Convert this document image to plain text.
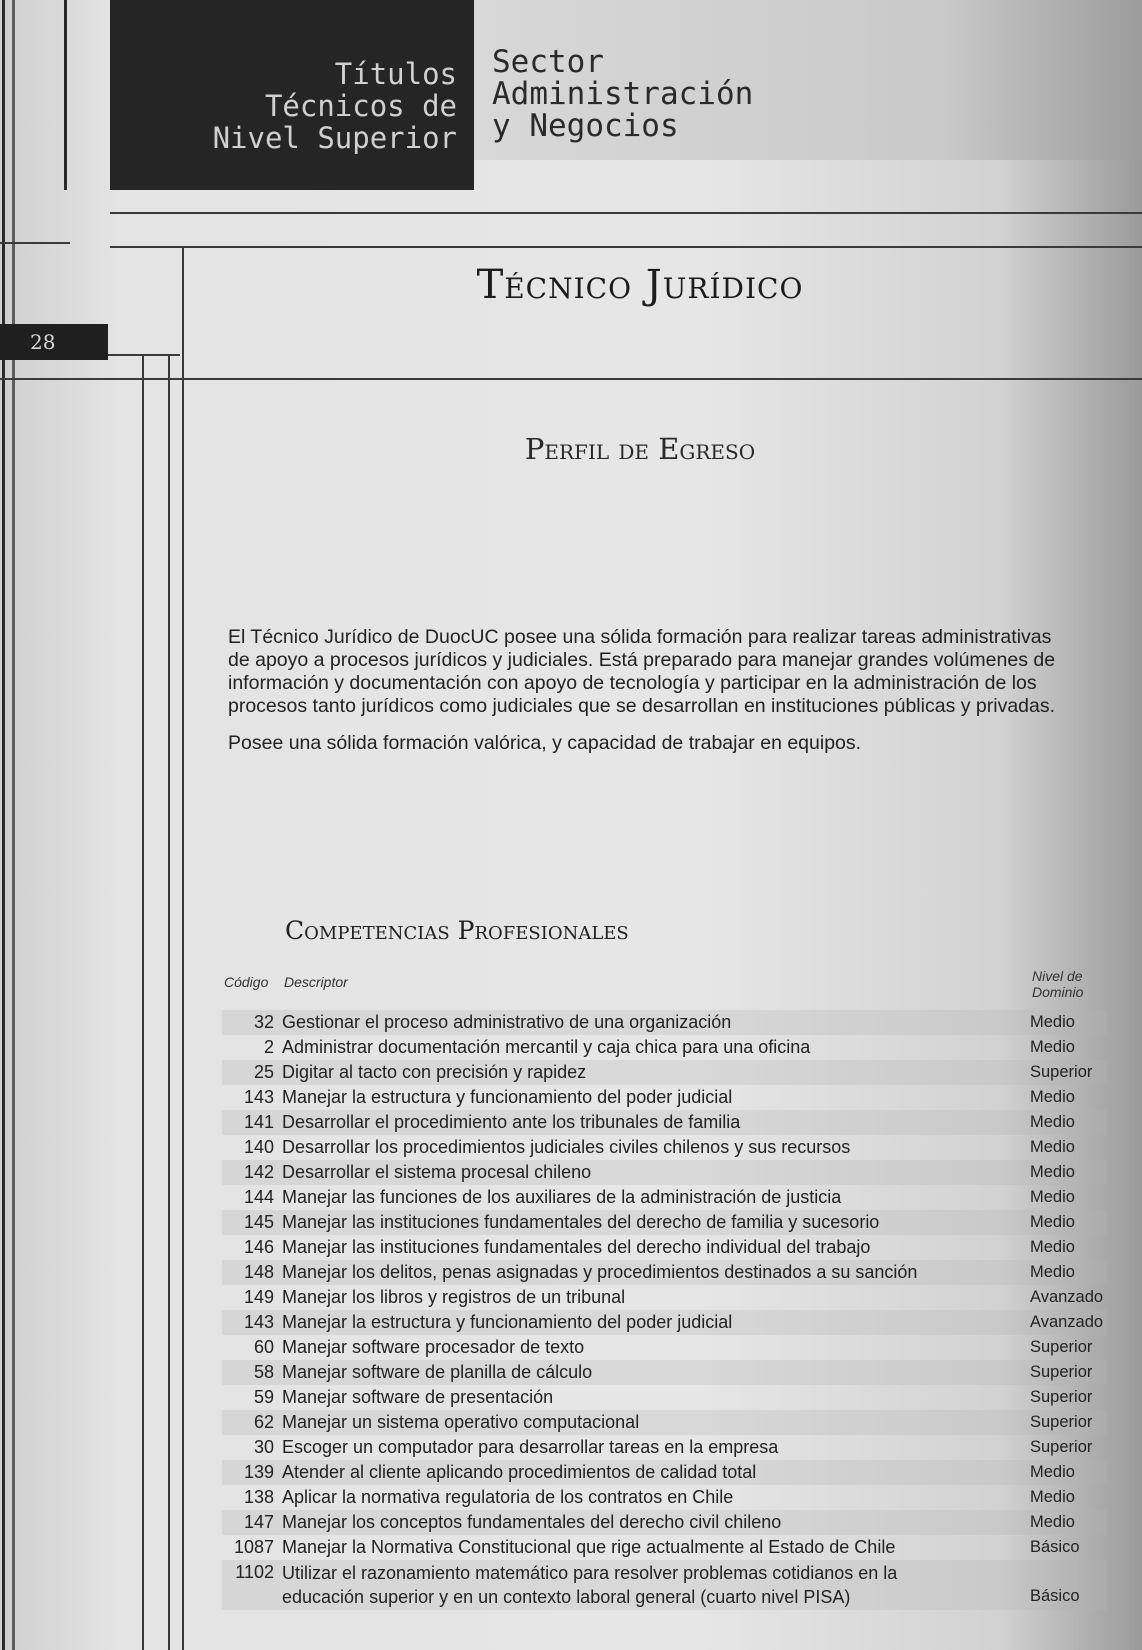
Títulos
Técnicos de
Nivel Superior
Sector
Administración
y Negocios
28
Técnico Jurídico
Perfil de Egreso

El Técnico Jurídico de DuocUC posee una sólida formación para realizar tareas administrativas de apoyo a procesos jurídicos y judiciales. Está preparado para manejar grandes volúmenes de información y documentación con apoyo de tecnología y participar en la administración de los procesos tanto jurídicos como judiciales que se desarrollan en instituciones públicas y privadas.

Posee una sólida formación valórica, y capacidad de trabajar en equipos.

Competencias Profesionales
Código Descriptor	Nivel de Dominio
32 Gestionar el proceso administrativo de una organización	Medio
2 Administrar documentación mercantil y caja chica para una oficina	Medio
25 Digitar al tacto con precisión y rapidez	Superior
143 Manejar la estructura y funcionamiento del poder judicial	Medio
141 Desarrollar el procedimiento ante los tribunales de familia	Medio
140 Desarrollar los procedimientos judiciales civiles chilenos y sus recursos	Medio
142 Desarrollar el sistema procesal chileno	Medio
144 Manejar las funciones de los auxiliares de la administración de justicia	Medio
145 Manejar las instituciones fundamentales del derecho de familia y sucesorio	Medio
146 Manejar las instituciones fundamentales del derecho individual del trabajo	Medio
148 Manejar los delitos, penas asignadas y procedimientos destinados a su sanción	Medio
149 Manejar los libros y registros de un tribunal	Avanzado
143 Manejar la estructura y funcionamiento del poder judicial	Avanzado
60 Manejar software procesador de texto	Superior
58 Manejar software de planilla de cálculo	Superior
59 Manejar software de presentación	Superior
62 Manejar un sistema operativo computacional	Superior
30 Escoger un computador para desarrollar tareas en la empresa	Superior
139 Atender al cliente aplicando procedimientos de calidad total	Medio
138 Aplicar la normativa regulatoria de los contratos en Chile	Medio
147 Manejar los conceptos fundamentales del derecho civil chileno	Medio
1087 Manejar la Normativa Constitucional que rige actualmente al Estado de Chile	Básico
1102 Utilizar el razonamiento matemático para resolver problemas cotidianos en la educación superior y en un contexto laboral general (cuarto nivel PISA)	Básico
